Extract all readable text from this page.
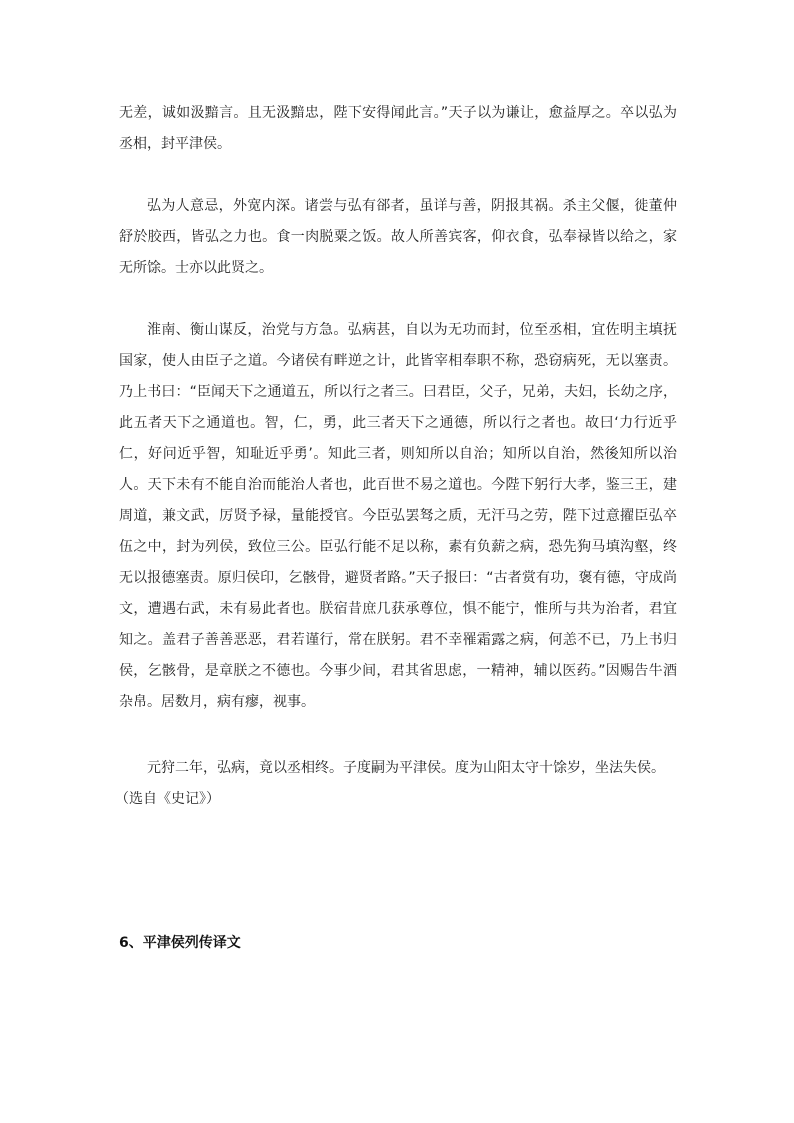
无差，诚如汲黯言。且无汲黯忠，陛下安得闻此言。”天子以为谦让，愈益厚之。卒以弘为丞相，封平津侯。

弘为人意忌，外宽内深。诸尝与弘有郤者，虽详与善，阴报其祸。杀主父偃，徙董仲舒於胶西，皆弘之力也。食一肉脱粟之饭。故人所善宾客，仰衣食，弘奉禄皆以给之，家无所馀。士亦以此贤之。

淮南、衡山谋反，治党与方急。弘病甚，自以为无功而封，位至丞相，宜佐明主填抚国家，使人由臣子之道。今诸侯有畔逆之计，此皆宰相奉职不称，恐窃病死，无以塞责。乃上书曰：“臣闻天下之通道五，所以行之者三。曰君臣，父子，兄弟，夫妇，长幼之序，此五者天下之通道也。智，仁，勇，此三者天下之通德，所以行之者也。故曰‘力行近乎仁，好问近乎智，知耻近乎勇’。知此三者，则知所以自治；知所以自治，然後知所以治人。天下未有不能自治而能治人者也，此百世不易之道也。今陛下躬行大孝，鉴三王，建周道，兼文武，厉贤予禄，量能授官。今臣弘罢驽之质，无汗马之劳，陛下过意擢臣弘卒伍之中，封为列侯，致位三公。臣弘行能不足以称，素有负薪之病，恐先狗马填沟壑，终无以报德塞责。原归侯印，乞骸骨，避贤者路。”天子报曰：“古者赏有功，褒有德，守成尚文，遭遇右武，未有易此者也。朕宿昔庶几获承尊位，惧不能宁，惟所与共为治者，君宜知之。盖君子善善恶恶，君若谨行，常在朕躬。君不幸罹霜露之病，何恙不已，乃上书归侯，乞骸骨，是章朕之不德也。今事少间，君其省思虑，一精神，辅以医药。”因赐告牛酒杂帛。居数月，病有瘳，视事。

元狩二年，弘病，竟以丞相终。子度嗣为平津侯。度为山阳太守十馀岁，坐法失侯。
（选自《史记》）
6、平津侯列传译文
